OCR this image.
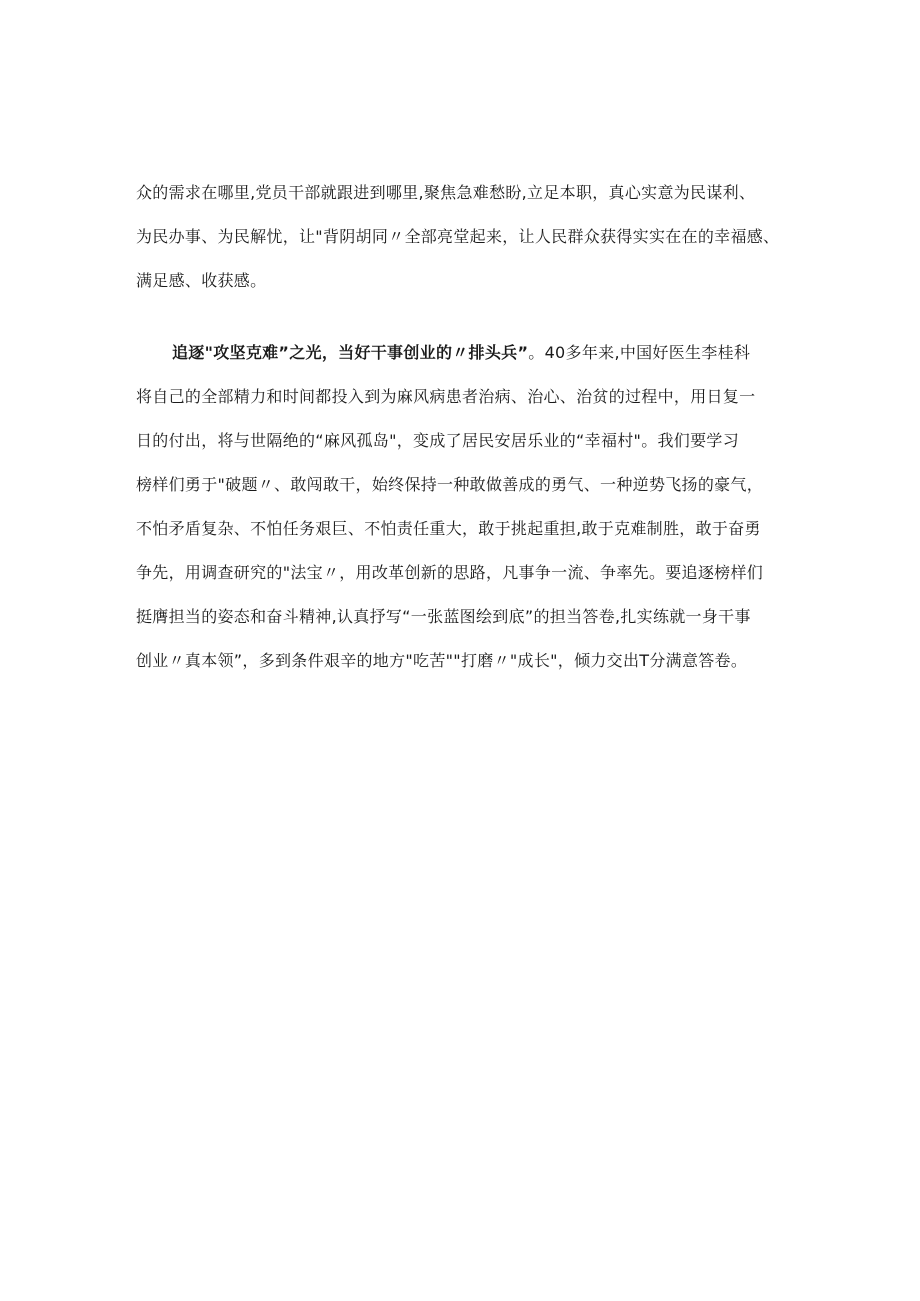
众的需求在哪里,党员干部就跟进到哪里,聚焦急难愁盼,立足本职，真心实意为民谋利、
为民办事、为民解忧，让"背阴胡同〃全部亮堂起来，让人民群众获得实实在在的幸福感、
满足感、收获感。
追逐"攻坚克难”之光，当好干事创业的〃排头兵”。40多年来,中国好医生李桂科
将自己的全部精力和时间都投入到为麻风病患者治病、治心、治贫的过程中，用日复一
日的付出，将与世隔绝的“麻风孤岛"，变成了居民安居乐业的“幸福村"。我们要学习
榜样们勇于"破题〃、敢闯敢干，始终保持一种敢做善成的勇气、一种逆势飞扬的豪气，
不怕矛盾复杂、不怕任务艰巨、不怕责任重大，敢于挑起重担,敢于克难制胜，敢于奋勇
争先，用调查研究的"法宝〃，用改革创新的思路，凡事争一流、争率先。要追逐榜样们
挺膺担当的姿态和奋斗精神,认真抒写“一张蓝图绘到底”的担当答卷,扎实练就一身干事
创业〃真本领”，多到条件艰辛的地方"吃苦""打磨〃"成长"，倾力交出T分满意答卷。
